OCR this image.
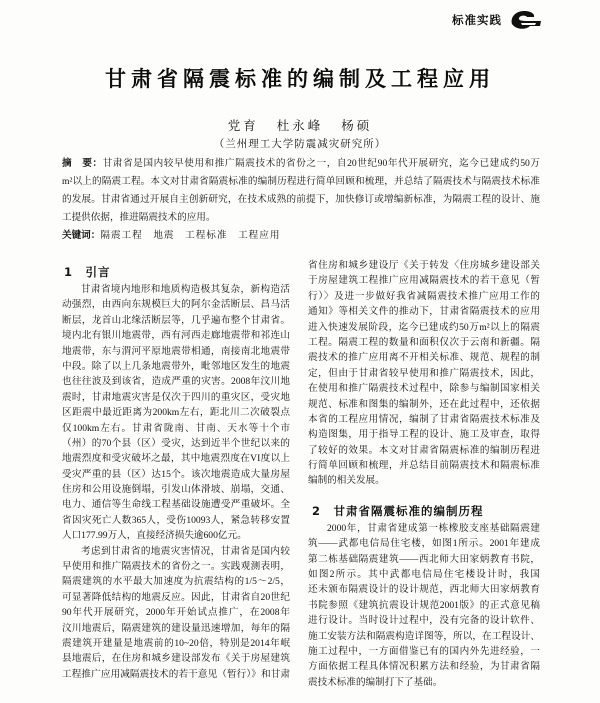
标准实践
甘肃省隔震标准的编制及工程应用
党育 杜永峰 杨硕
（兰州理工大学防震减灾研究所）
摘　要：甘肃省是国内较早使用和推广隔震技术的省份之一，自20世纪90年代开展研究，迄今已建成约50万
m²以上的隔震工程。本文对甘肃省隔震标准的编制历程进行简单回顾和梳理，并总结了隔震技术与隔震技术标准
的发展。甘肃省通过开展自主创新研究，在技术成熟的前提下，加快修订或增编新标准，为隔震工程的设计、施
工提供依据，推进隔震技术的应用。
关键词：隔震工程　地震　工程标准　工程应用
1　引言
甘肃省境内地形和地质构造极其复杂，新构造活
动强烈，由西向东规模巨大的阿尔金活断层、昌马活
断层，龙首山北缘活断层等，几乎遍布整个甘肃省。
境内北有银川地震带，西有河西走廊地震带和祁连山
地震带，东与渭河平原地震带相通，南接南北地震带
中段。除了以上几条地震带外，毗邻地区发生的地震
也往往波及到该省，造成严重的灾害。2008年汶川地
震时，甘肃地震灾害是仅次于四川的重灾区，受灾地
区距震中最近距离为200km左右，距北川二次破裂点
仅100km左右。甘肃省陇南、甘南、天水等十个市
（州）的70个县（区）受灾，达到近半个世纪以来的
地震烈度和受灾破坏之最，其中地震烈度在VI度以上
受灾严重的县（区）达15个。该次地震造成大量房屋
住房和公用设施倒塌，引发山体滑坡、崩塌，交通、
电力、通信等生命线工程基础设施遭受严重破坏。全
省因灾死亡人数365人，受伤10093人，紧急转移安置
人口177.99万人，直接经济损失逾600亿元。
考虑到甘肃省的地震灾害情况，甘肃省是国内较
早使用和推广隔震技术的省份之一。实践观测表明，
隔震建筑的水平最大加速度为抗震结构的1/5～2/5，
可显著降低结构的地震反应。因此，甘肃省自20世纪
90年代开展研究，2000年开始试点推广，在2008年
汶川地震后，隔震建筑的建设量迅速增加，每年的隔
震建筑开建量是地震前的10~20倍，特别是2014年岷
县地震后，在住房和城乡建设部发布《关于房屋建筑
工程推广应用减隔震技术的若干意见（暂行）》和甘肃
省住房和城乡建设厅《关于转发〈住房城乡建设部关
于房屋建筑工程推广应用减隔震技术的若干意见（暂
行）〉及进一步做好我省减隔震技术推广应用工作的
通知》等相关文件的推动下，甘肃省隔震技术的应用
进入快速发展阶段，迄今已建成约50万m²以上的隔震
工程。隔震工程的数量和面积仅次于云南和新疆。隔
震技术的推广应用离不开相关标准、规范、规程的制
定，但由于甘肃省较早使用和推广隔震技术，因此，
在使用和推广隔震技术过程中，除参与编制国家相关
规范、标准和图集的编制外，还在此过程中，还依据
本省的工程应用情况，编制了甘肃省隔震技术标准及
构造图集，用于指导工程的设计、施工及审查，取得
了较好的效果。本文对甘肃省隔震标准的编制历程进
行简单回顾和梳理，并总结目前隔震技术和隔震标准
编制的相关发展。
2　甘肃省隔震标准的编制历程
2000年，甘肃省建成第一栋橡胶支座基础隔震建
筑——武都电信局住宅楼，如图1所示。2001年建成
第二栋基础隔震建筑——西北师大田家炳教育书院，
如图2所示。其中武都电信局住宅楼设计时，我国
还未颁布隔震设计的设计规范，西北师大田家炳教育
书院参照《建筑抗震设计规范2001版》的正式意见稿
进行设计。当时设计过程中，没有完备的设计软件、
施工安装方法和隔震构造详图等，所以，在工程设计、
施工过程中，一方面借鉴已有的国内外先进经验，一
方面依据工程具体情况积累方法和经验，为甘肃省隔
震技术标准的编制打下了基础。
